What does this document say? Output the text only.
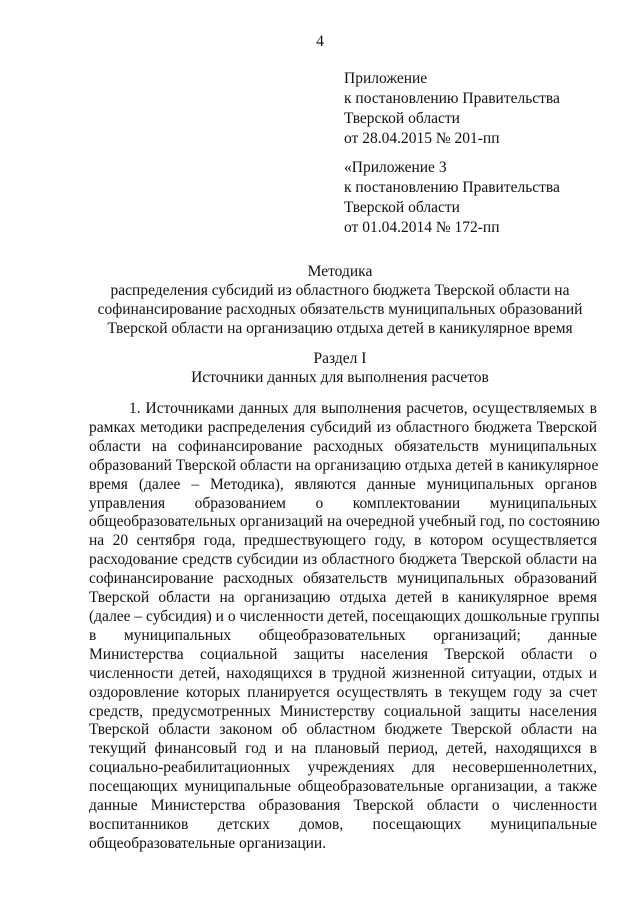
4
Приложение
к постановлению Правительства
Тверской области
от 28.04.2015 № 201-пп
«Приложение 3
к постановлению Правительства
Тверской области
от 01.04.2014 № 172-пп
Методика
распределения субсидий из областного бюджета Тверской области на
софинансирование расходных обязательств муниципальных образований
Тверской области на организацию отдыха детей в каникулярное время
Раздел I
Источники данных для выполнения расчетов
1. Источниками данных для выполнения расчетов, осуществляемых в
рамках методики распределения субсидий из областного бюджета Тверской
области на софинансирование расходных обязательств муниципальных
образований Тверской области на организацию отдыха детей в каникулярное
время (далее – Методика), являются данные муниципальных органов
управления образованием о комплектовании муниципальных
общеобразовательных организаций на очередной учебный год, по состоянию
на 20 сентября года, предшествующего году, в котором осуществляется
расходование средств субсидии из областного бюджета Тверской области на
софинансирование расходных обязательств муниципальных образований
Тверской области на организацию отдыха детей в каникулярное время
(далее – субсидия) и о численности детей, посещающих дошкольные группы
в муниципальных общеобразовательных организаций; данные
Министерства социальной защиты населения Тверской области о
численности детей, находящихся в трудной жизненной ситуации, отдых и
оздоровление которых планируется осуществлять в текущем году за счет
средств, предусмотренных Министерству социальной защиты населения
Тверской области законом об областном бюджете Тверской области на
текущий финансовый год и на плановый период, детей, находящихся в
социально-реабилитационных учреждениях для несовершеннолетних,
посещающих муниципальные общеобразовательные организации, а также
данные Министерства образования Тверской области о численности
воспитанников детских домов, посещающих муниципальные
общеобразовательные организации.
